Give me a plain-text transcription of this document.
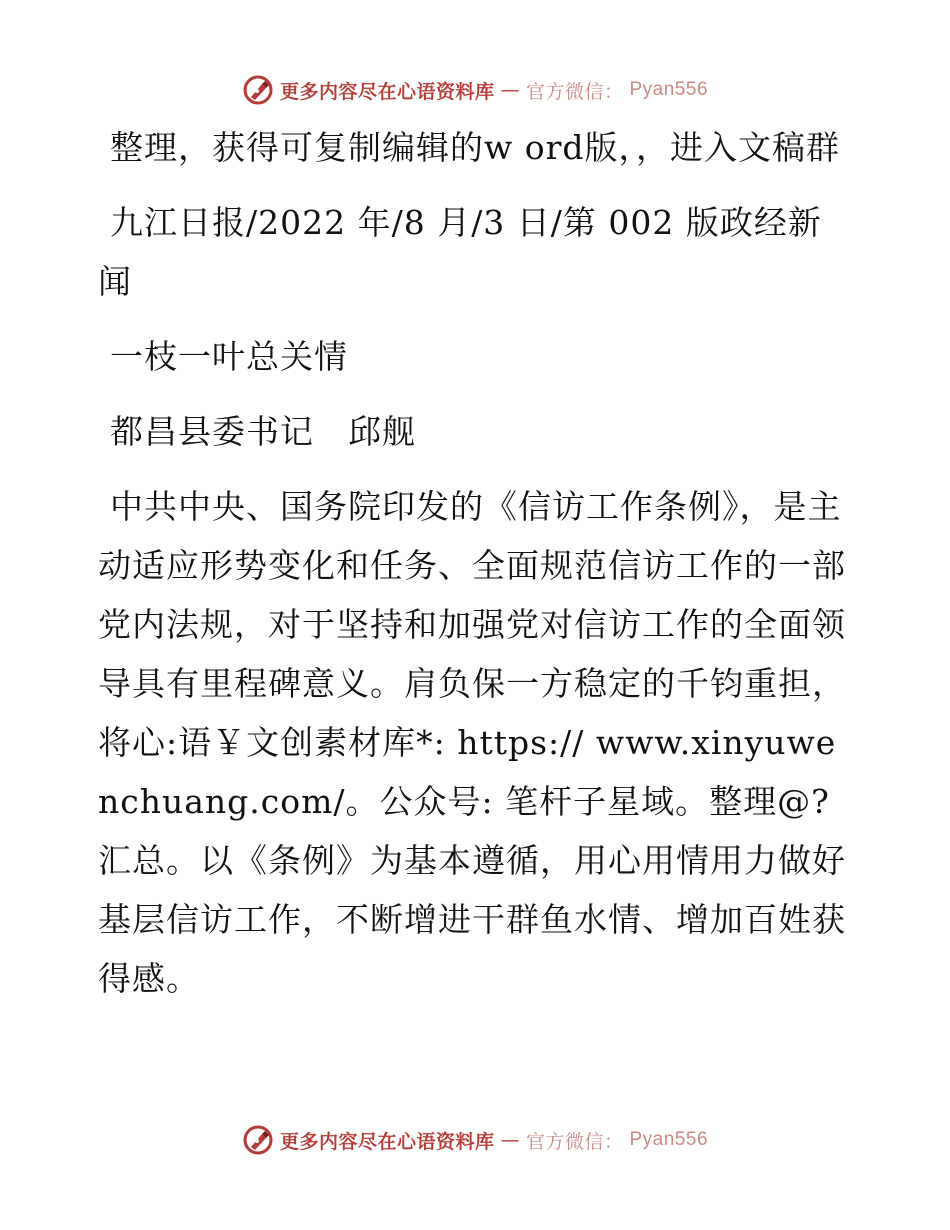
更多内容尽在心语资料库 — 官方微信： Pyan556

整理，获得可复制编辑的w ord版，，进入文稿群

九江日报/2022 年/8 月/3 日/第 002 版政经新闻

一枝一叶总关情

都昌县委书记　邱舰

中共中央、国务院印发的《信访工作条例》，是主动适应形势变化和任务、全面规范信访工作的一部党内法规，对于坚持和加强党对信访工作的全面领导具有里程碑意义。肩负保一方稳定的千钧重担，将心:语￥文创素材库*: https:// www.xinyuwenchuang.com/。公众号: 笔杆子星域。整理@?汇总。以《条例》为基本遵循，用心用情用力做好基层信访工作，不断增进干群鱼水情、增加百姓获得感。

更多内容尽在心语资料库 — 官方微信： Pyan556
